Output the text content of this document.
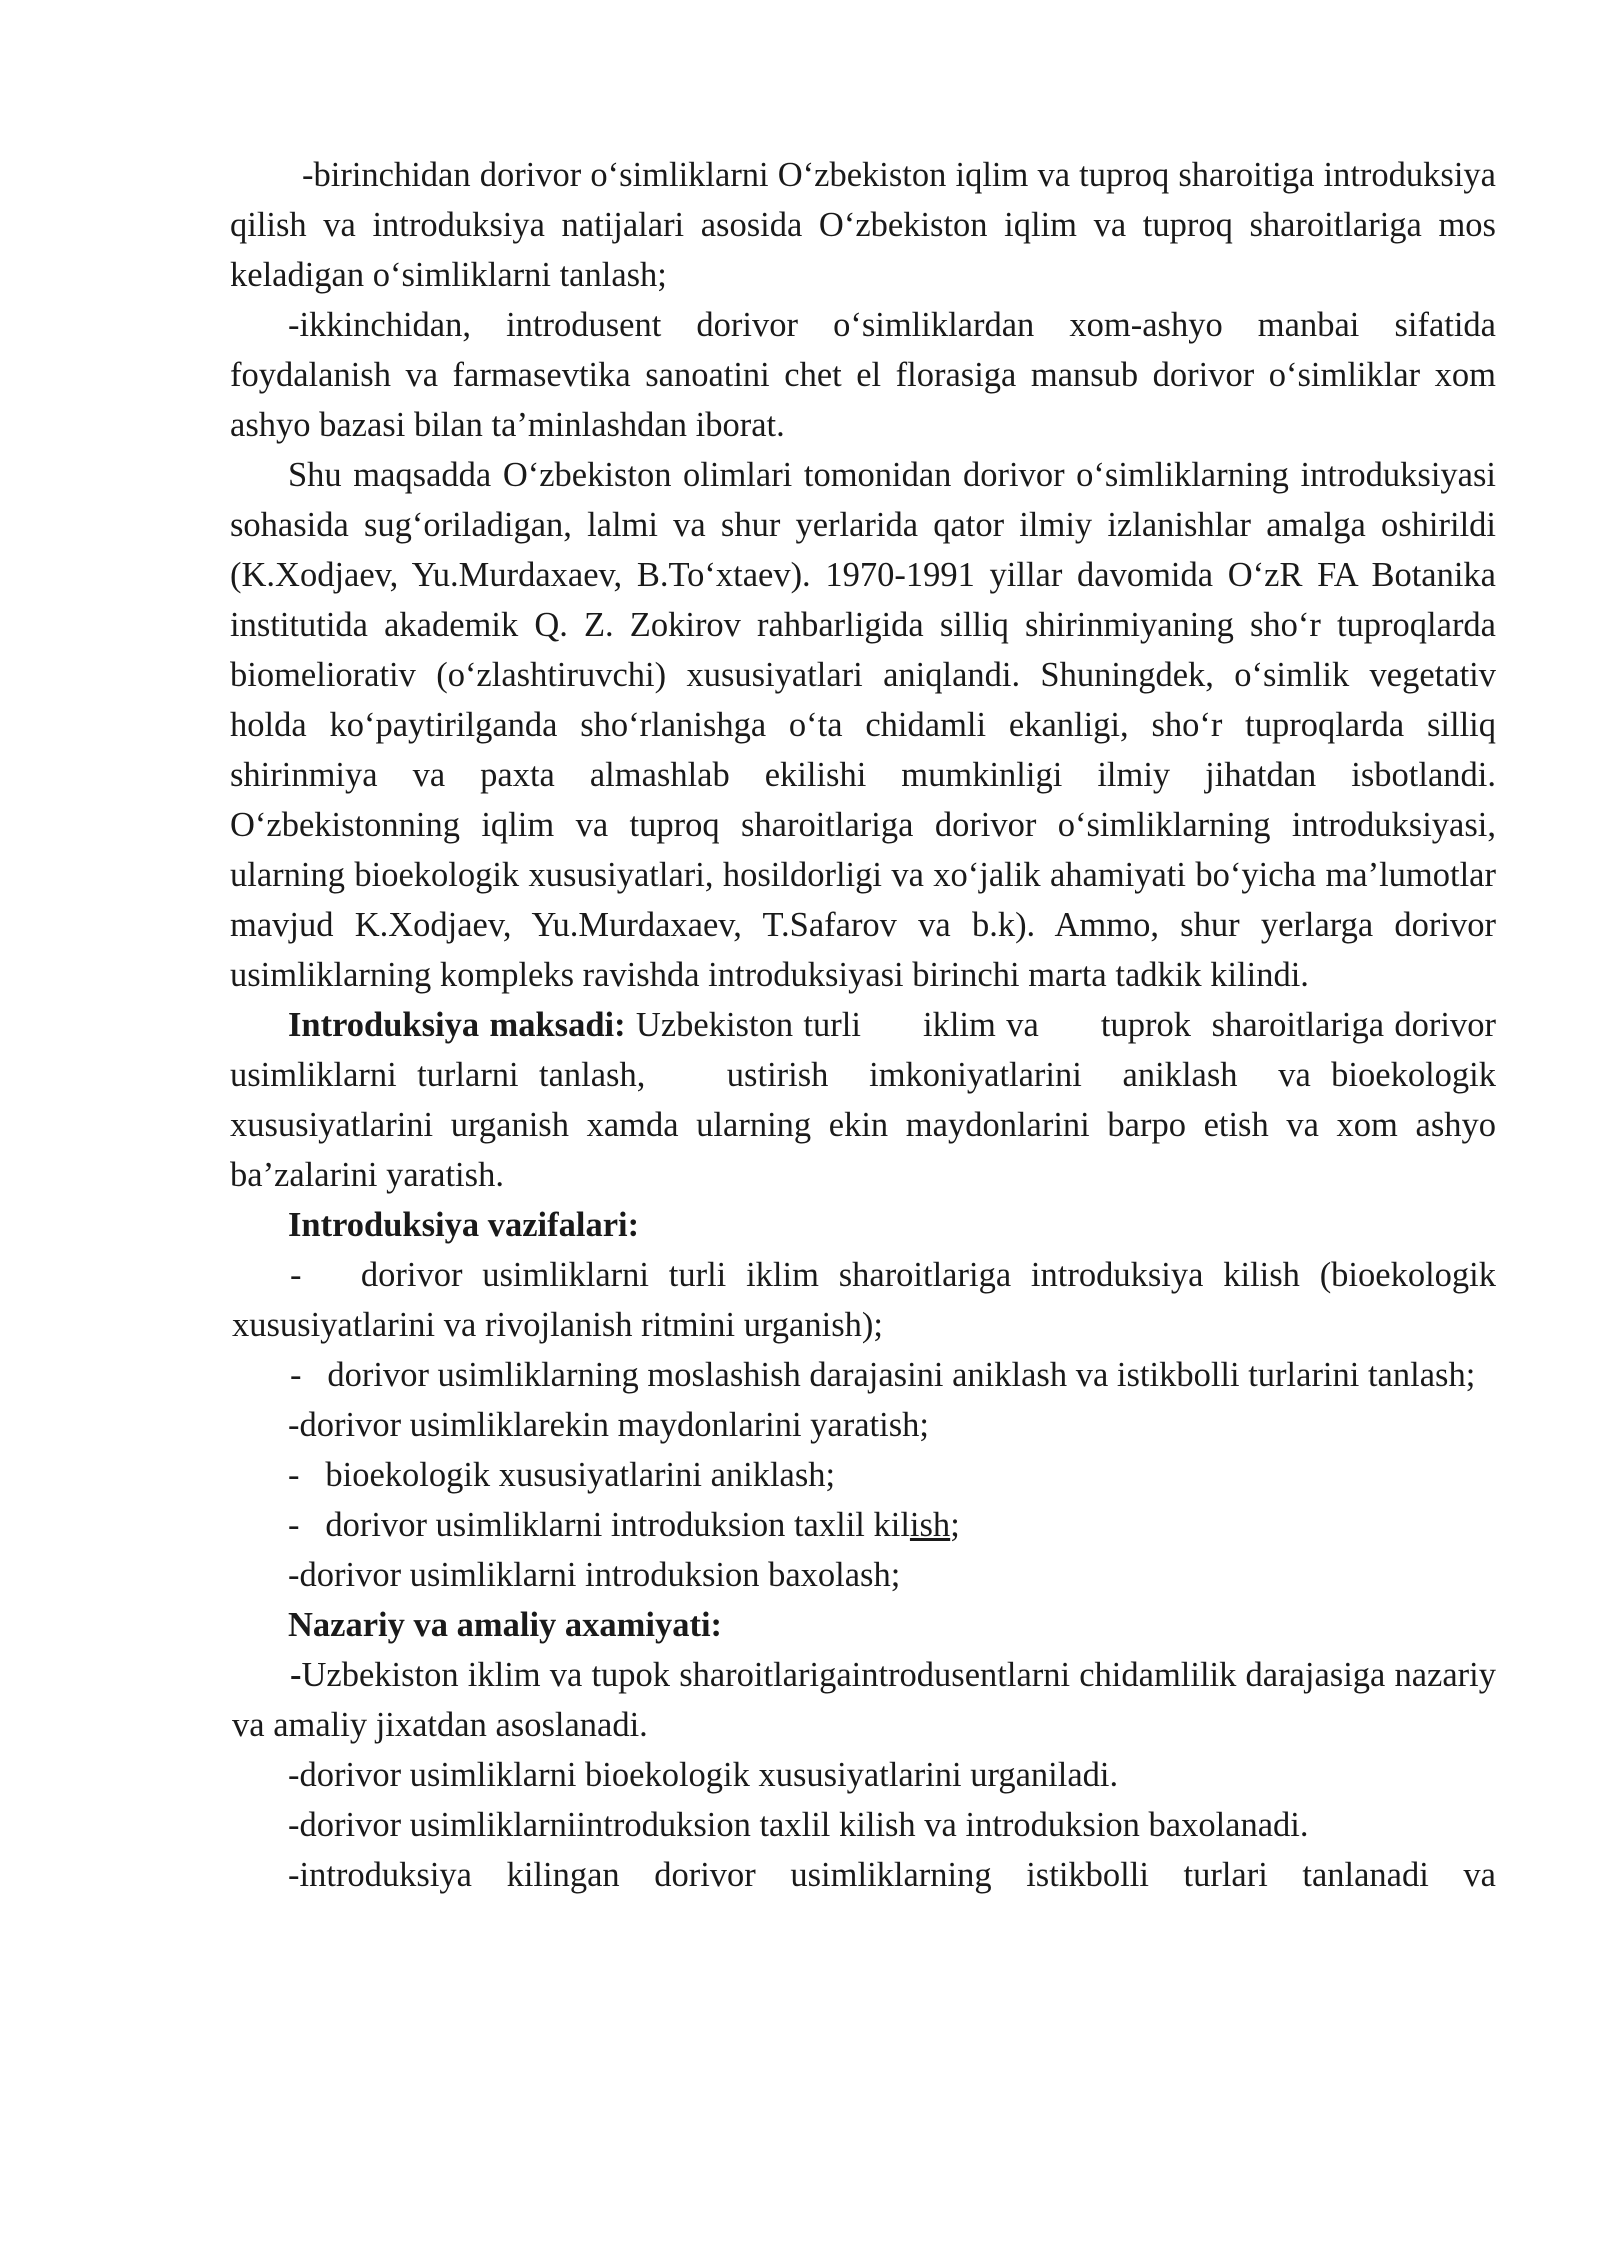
-birinchidan dorivor o‘simliklarni O‘zbekiston iqlim va tuproq sharoitiga introduksiya qilish va introduksiya natijalari asosida O‘zbekiston iqlim va tuproq sharoitlariga mos keladigan o‘simliklarni tanlash;

-ikkinchidan, introdusent dorivor o‘simliklardan xom-ashyo manbai sifatida foydalanish va farmasevtika sanoatini chet el florasiga mansub dorivor o‘simliklar xom ashyo bazasi bilan ta’minlashdan iborat.

Shu maqsadda O‘zbekiston olimlari tomonidan dorivor o‘simliklarning introduksiyasi sohasida sug‘oriladigan, lalmi va shur yerlarida qator ilmiy izlanishlar amalga oshirildi (K.Xodjaev, Yu.Murdaxaev, B.To‘xtaev). 1970-1991 yillar davomida O‘zR FA Botanika institutida akademik Q. Z. Zokirov rahbarligida silliq shirinmiyaning sho‘r tuproqlarda biomeliorativ (o‘zlashtiruvchi) xususiyatlari aniqlandi. Shuningdek, o‘simlik vegetativ holda ko‘paytirilganda sho‘rlanishga o‘ta chidamli ekanligi, sho‘r tuproqlarda silliq shirinmiya va paxta almashlab ekilishi mumkinligi ilmiy jihatdan isbotlandi. O‘zbekistonning iqlim va tuproq sharoitlariga dorivor o‘simliklarning introduksiyasi, ularning bioekologik xususiyatlari, hosildorligi va xo‘jalik ahamiyati bo‘yicha ma’lumotlar mavjud K.Xodjaev, Yu.Murdaxaev, T.Safarov va b.k). Ammo, shur yerlarga dorivor usimliklarning kompleks ravishda introduksiyasi birinchi marta tadkik kilindi.

Introduksiya maksadi: Uzbekiston turli      iklim va      tuprok  sharoitlariga dorivor      usimliklarni turlarni tanlash,    ustirish  imkoniyatlarini  aniklash  va bioekologik xususiyatlarini urganish xamda ularning ekin maydonlarini barpo etish va xom ashyo ba’zalarini yaratish.

Introduksiya vazifalari:

-   dorivor usimliklarni turli iklim sharoitlariga introduksiya kilish (bioekologik xususiyatlarini va rivojlanish ritmini urganish);

-   dorivor usimliklarning moslashish darajasini aniklash va istikbolli turlarini tanlash;

-dorivor usimliklarekin maydonlarini yaratish;

-   bioekologik xususiyatlarini aniklash;

-   dorivor usimliklarni introduksion taxlil kilish;

-dorivor usimliklarni introduksion baxolash;

Nazariy va amaliy axamiyati:

-Uzbekiston iklim va tupok sharoitlarigaintrodusentlarni chidamlilik darajasiga nazariy va amaliy jixatdan asoslanadi.

-dorivor usimliklarni bioekologik xususiyatlarini urganiladi.

-dorivor usimliklarniintroduksion taxlil kilish va introduksion baxolanadi.

-introduksiya kilingan dorivor usimliklarning istikbolli turlari tanlanadi va
